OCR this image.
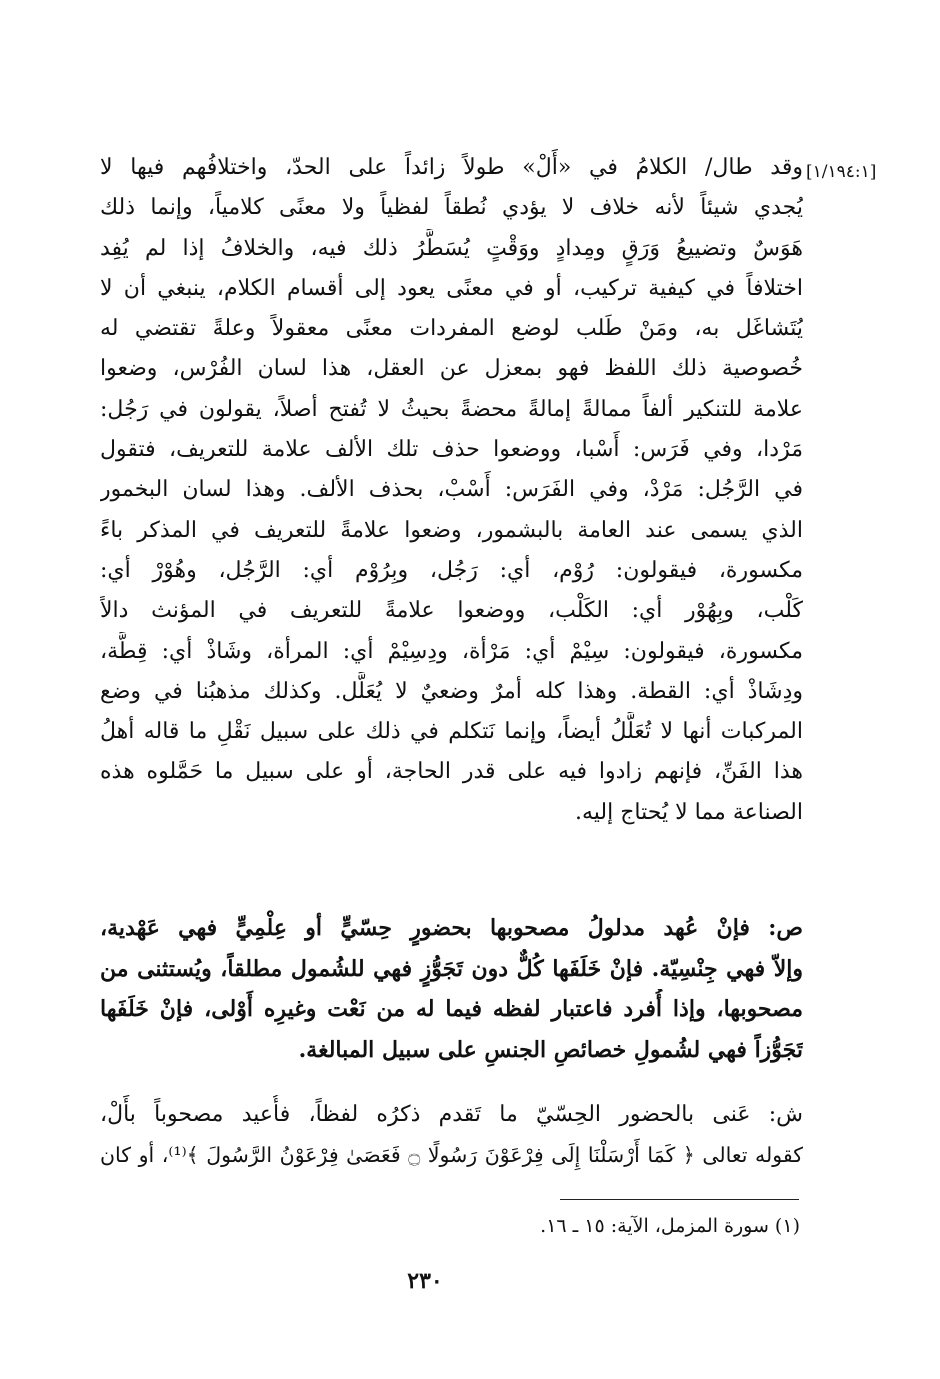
[١/١٩٤:١]
وقد طال/ الكلامُ في «أَلْ» طولاً زائداً على الحدّ، واختلافُهم فيها لا
يُجدي شيئاً لأنه خلاف لا يؤدي نُطقاً لفظياً ولا معنًى كلامياً، وإنما ذلك
هَوَسٌ وتضييعُ وَرَقٍ ومِدادٍ ووَقْتٍ يُسَطَّرُ ذلك فيه، والخلافُ إذا لم يُفِد
اختلافاً في كيفية تركيب، أو في معنًى يعود إلى أقسام الكلام، ينبغي أن لا
يُتَشاغَل به، ومَنْ طَلب لوضع المفردات معنًى معقولاً وعلةً تقتضي له
خُصوصية ذلك اللفظ فهو بمعزل عن العقل، هذا لسان الفُرْس، وضعوا
علامة للتنكير ألفاً ممالةً إمالةً محضةً بحيثُ لا تُفتح أصلاً، يقولون في رَجُل:
مَرْدا، وفي فَرَس: أَسْبا، ووضعوا حذف تلك الألف علامة للتعريف، فتقول
في الرَّجُل: مَرْدْ، وفي الفَرَس: أَسْبْ، بحذف الألف. وهذا لسان البخمور
الذي يسمى عند العامة بالبشمور، وضعوا علامةً للتعريف في المذكر باءً
مكسورة، فيقولون: رُوْم، أي: رَجُل، وبِرُوْم أي: الرَّجُل، وهُوْرْ أي:
كَلْب، وبِهُوْر أي: الكَلْب، ووضعوا علامةً للتعريف في المؤنث دالاً
مكسورة، فيقولون: سِيْمْ أي: مَرْأة، ودِسِيْمْ أي: المرأة، وشَاذْ أي: قِطَّة،
ودِشَاذْ أي: القطة. وهذا كله أمرٌ وضعيٌ لا يُعَلَّل. وكذلك مذهبُنا في وضع
المركبات أنها لا تُعَلَّلُ أيضاً، وإنما نَتكلم في ذلك على سبيل نَقْلِ ما قاله أهلُ
هذا الفَنِّ، فإنهم زادوا فيه على قدر الحاجة، أو على سبيل ما حَمَّلوه هذه
الصناعة مما لا يُحتاج إليه.
ص: فإنْ عُهد مدلولُ مصحوبها بحضورٍ حِسّيٍّ أو عِلْمِيٍّ فهي عَهْدية،
وإلاّ فهي جِنْسِيّة. فإنْ خَلَفَها كُلٌّ دون تَجَوُّزٍ فهي للشُمول مطلقاً، ويُستثنى من
مصحوبها، وإذا أُفرد فاعتبار لفظه فيما له من نَعْت وغيرِه أَوْلى، فإنْ خَلَفَها
تَجَوُّزاً فهي لشُمولِ خصائصِ الجنسِ على سبيل المبالغة.
ش: عَنى بالحضور الحِسّيّ ما تَقدم ذكرُه لفظاً، فأُعيد مصحوباً بأَلْ،
كقوله تعالى ﴿ كَمَا أَرْسَلْنَا إِلَى فِرْعَوْنَ رَسُولًا ۝ فَعَصَىٰ فِرْعَوْنُ الرَّسُولَ ﴾⁽¹⁾، أو كان
(١) سورة المزمل، الآية: ١٥ ـ ١٦.
٢٣٠
